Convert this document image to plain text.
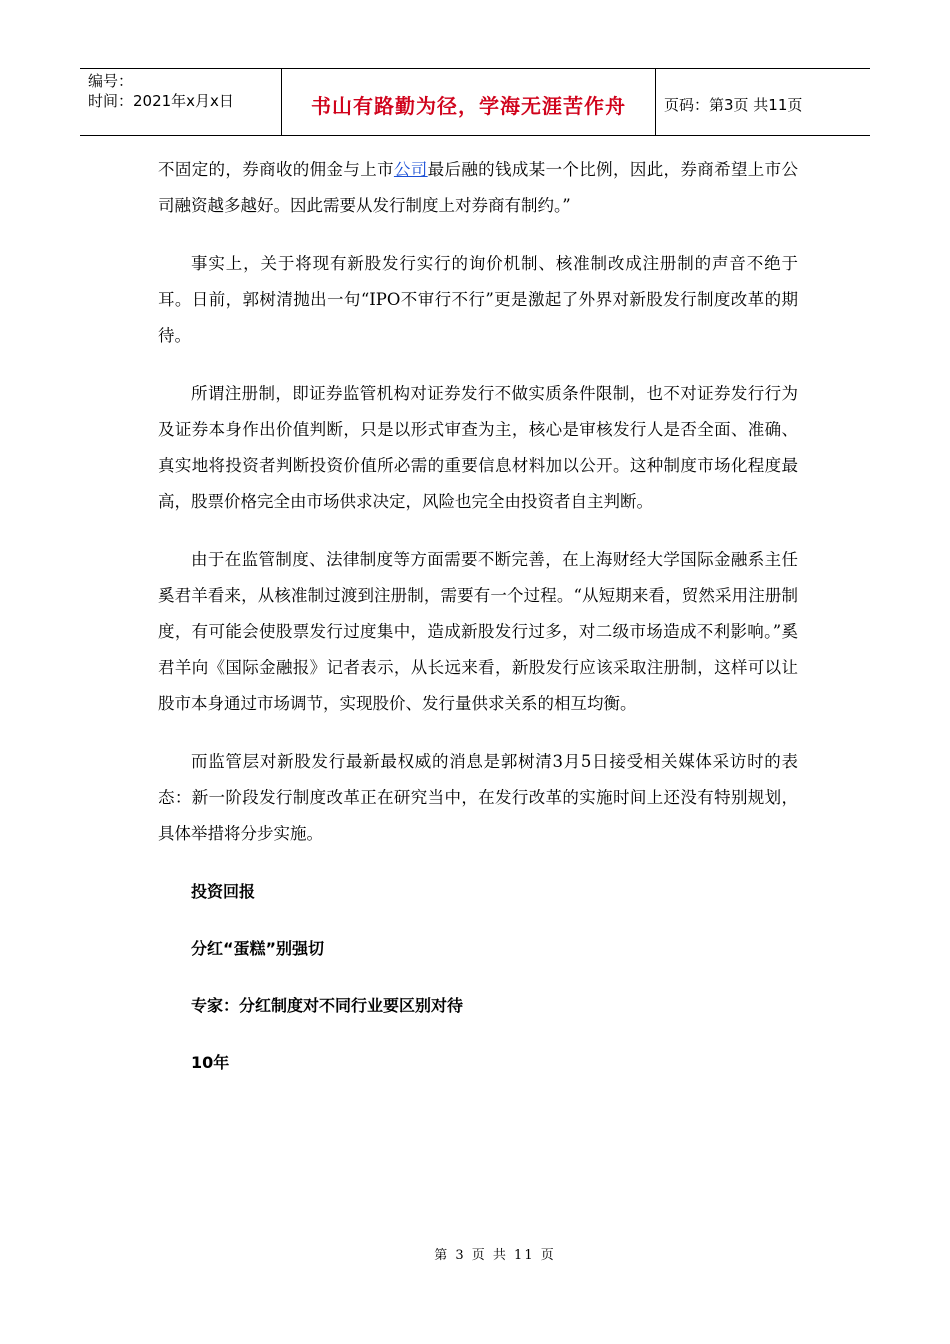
编号：
时间：2021年x月x日	书山有路勤为径，学海无涯苦作舟	页码：第3页 共11页

不固定的，券商收的佣金与上市公司最后融的钱成某一个比例，因此，券商希望上市公司融资越多越好。因此需要从发行制度上对券商有制约。”

事实上，关于将现有新股发行实行的询价机制、核准制改成注册制的声音不绝于耳。日前，郭树清抛出一句“IPO不审行不行”更是激起了外界对新股发行制度改革的期待。

所谓注册制，即证券监管机构对证券发行不做实质条件限制，也不对证券发行行为及证券本身作出价值判断，只是以形式审查为主，核心是审核发行人是否全面、准确、真实地将投资者判断投资价值所必需的重要信息材料加以公开。这种制度市场化程度最高，股票价格完全由市场供求决定，风险也完全由投资者自主判断。

由于在监管制度、法律制度等方面需要不断完善，在上海财经大学国际金融系主任奚君羊看来，从核准制过渡到注册制，需要有一个过程。“从短期来看，贸然采用注册制度，有可能会使股票发行过度集中，造成新股发行过多，对二级市场造成不利影响。”奚君羊向《国际金融报》记者表示，从长远来看，新股发行应该采取注册制，这样可以让股市本身通过市场调节，实现股价、发行量供求关系的相互均衡。

而监管层对新股发行最新最权威的消息是郭树清3月5日接受相关媒体采访时的表态：新一阶段发行制度改革正在研究当中，在发行改革的实施时间上还没有特别规划，具体举措将分步实施。

投资回报
分红“蛋糕”别强切
专家：分红制度对不同行业要区别对待
10年
第 3 页 共 11 页
